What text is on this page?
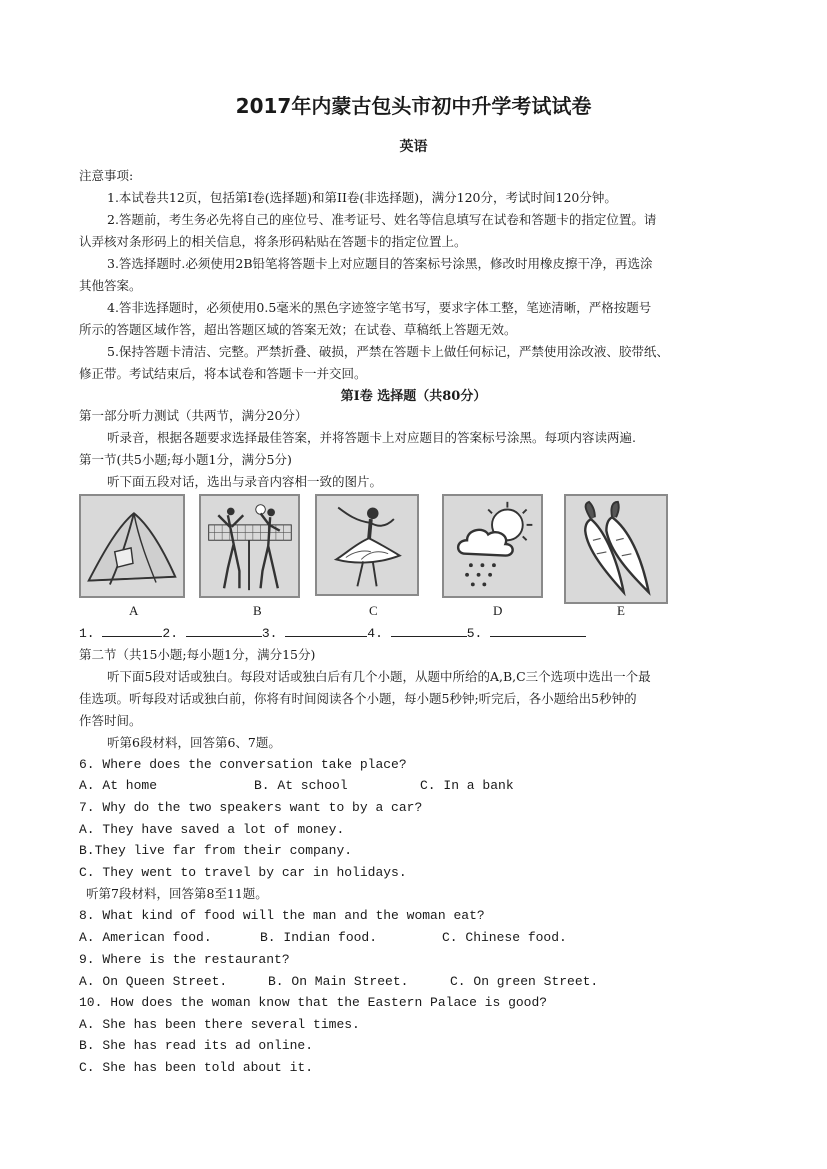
2017年内蒙古包头市初中升学考试试卷
英语
注意事项:
1.本试卷共12页，包括第I卷(选择题)和第II卷(非选择题)，满分120分，考试时间120分钟。
2.答题前，考生务必先将自己的座位号、准考证号、姓名等信息填写在试卷和答题卡的指定位置。请
认弄核对条形码上的相关信息，将条形码粘贴在答题卡的指定位置上。
3.答选择题时.必须使用2B铅笔将答题卡上对应题目的答案标号涂黑，修改时用橡皮擦干净，再选涂
其他答案。
4.答非选择题时，必须使用0.5毫米的黑色字迹签字笔书写，要求字体工整，笔迹清晰，严格按题号
所示的答题区域作答，超出答题区域的答案无效；在试卷、草稿纸上答题无效。
5.保持答题卡清洁、完整。严禁折叠、破损，严禁在答题卡上做任何标记，严禁使用涂改液、胶带纸、
修正带。考试结束后，将本试卷和答题卡一并交回。
第Ⅰ卷 选择题（共80分）
第一部分听力测试（共两节，满分20分）
听录音，根据各题要求选择最佳答案，并将答题卡上对应题目的答案标号涂黑。每项内容读两遍.
第一节(共5小题;每小题1分，满分5分)
听下面五段对话，选出与录音内容相一致的图片。
A	B	C	D	E
1.	2.	3.	4.	5.
第二节（共15小题;每小题1分，满分15分)
听下面5段对话或独白。每段对话或独白后有几个小题，从题中所给的A,B,C三个选项中选出一个最
佳选项。听每段对话或独白前，你将有时间阅读各个小题，每小题5秒钟;听完后，各小题给出5秒钟的
作答时间。
听第6段材料，回答第6、7题。
6. Where does the conversation take place?
A. At home	B. At school	C. In a bank
7. Why do the two speakers want to by a car?
A. They have saved a lot of money.
B.They live far from their company.
C. They went to travel by car in holidays.
听第7段材料，回答第8至11题。
8. What kind of food will the man and the woman eat?
A. American food.	B. Indian food.	C. Chinese food.
9. Where is the restaurant?
A. On Queen Street.	B. On Main Street.	C. On green Street.
10. How does the woman know that the Eastern Palace is good?
A. She has been there several times.
B. She has read its ad online.
C. She has been told about it.
